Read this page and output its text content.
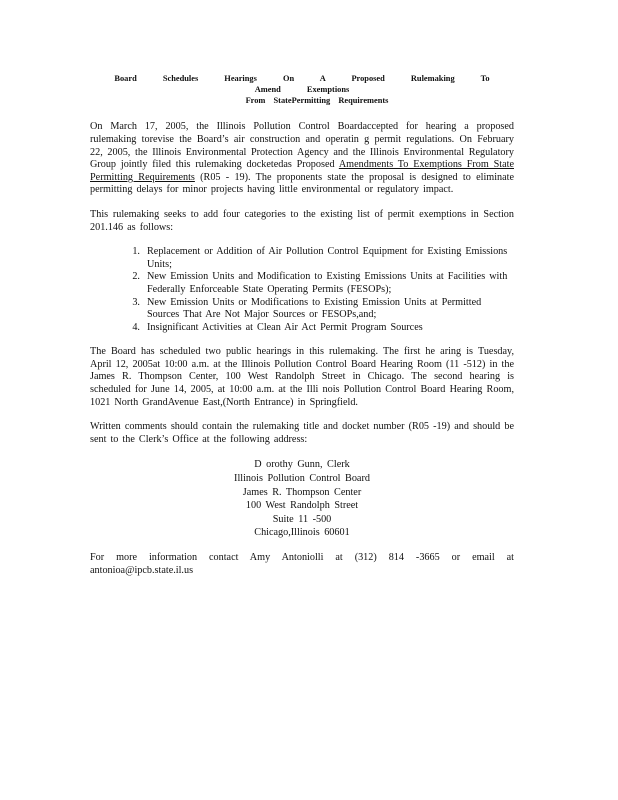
Board Schedules Hearings On A Proposed Rulemaking To Amend Exemptions
From StatePermitting Requirements

On March 17, 2005, the Illinois Pollution Control Boardaccepted for hearing a proposed rulemaking torevise the Board’s air construction and operatin g permit regulations. On February 22, 2005, the Illinois Environmental Protection Agency and the Illinois Environmental Regulatory Group jointly filed this rulemaking docketedas Proposed Amendments To Exemptions From State Permitting Requirements (R05 - 19). The proponents state the proposal is designed to eliminate permitting delays for minor projects having little environmental or regulatory impact.

This rulemaking seeks to add four categories to the existing list of permit exemptions in Section 201.146 as follows:

1. Replacement or Addition of Air Pollution Control Equipment for Existing Emissions Units;
2. New Emission Units and Modification to Existing Emissions Units at Facilities with Federally Enforceable State Operating Permits (FESOPs);
3. New Emission Units or Modifications to Existing Emission Units at Permitted Sources That Are Not Major Sources or FESOPs,and;
4. Insignificant Activities at Clean Air Act Permit Program Sources

The Board has scheduled two public hearings in this rulemaking. The first he aring is Tuesday, April 12, 2005at 10:00 a.m. at the Illinois Pollution Control Board Hearing Room (11 -512) in the James R. Thompson Center, 100 West Randolph Street in Chicago. The second hearing is scheduled for June 14, 2005, at 10:00 a.m. at the Illi nois Pollution Control Board Hearing Room, 1021 North GrandAvenue East,(North Entrance) in Springfield.

Written comments should contain the rulemaking title and docket number (R05 -19) and should be sent to the Clerk’s Office at the following address:

D orothy Gunn, Clerk
Illinois Pollution Control Board
James R. Thompson Center
100 West Randolph Street
Suite 11 -500
Chicago,Illinois 60601

For more information contact Amy Antoniolli at (312) 814 -3665 or email at antonioa@ipcb.state.il.us
